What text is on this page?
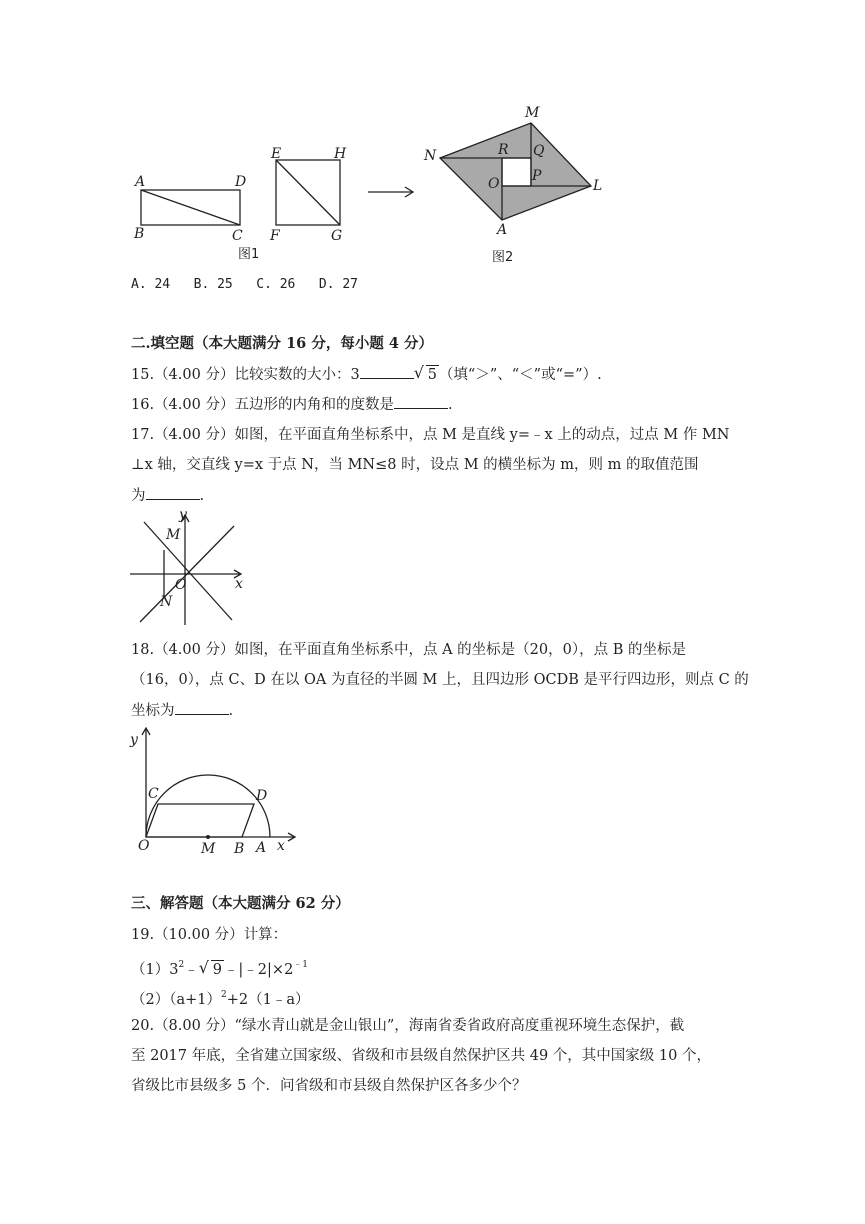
A	D
B	C
E	H
F	G
图1
M
N	R Q
O P
L
A
图2
A. 24 B. 25 C. 26 D. 27
二.填空题（本大题满分 16 分，每小题 4 分）
15.（4.00 分）比较实数的大小：3	√ 5 （填“＞”、“＜”或“=”）.
16.（4.00 分）五边形的内角和的度数是	.
17.（4.00 分）如图，在平面直角坐标系中，点 M 是直线 y=﹣x 上的动点，过点 M 作 MN
⊥x 轴，交直线 y=x 于点 N，当 MN≤8 时，设点 M 的横坐标为 m，则 m 的取值范围
为	.
y
M
O	x
N
18.（4.00 分）如图，在平面直角坐标系中，点 A 的坐标是（20，0），点 B 的坐标是
（16，0），点 C、D 在以 OA 为直径的半圆 M 上，且四边形 OCDB 是平行四边形，则点 C 的
坐标为	.
y
C	D
O	M B A x
三、解答题（本大题满分 62 分）
19.（10.00 分）计算：
$(1)3^2﹣$ √ 9 $﹣|﹣2|\times 2^{﹣1}$
$(2)(a+1)^2+2(1﹣a)$
20.（8.00 分）“绿水青山就是金山银山”，海南省委省政府高度重视环境生态保护，截
至 2017 年底，全省建立国家级、省级和市县级自然保护区共 49 个，其中国家级 10 个，
省级比市县级多 5 个．问省级和市县级自然保护区各多少个？
